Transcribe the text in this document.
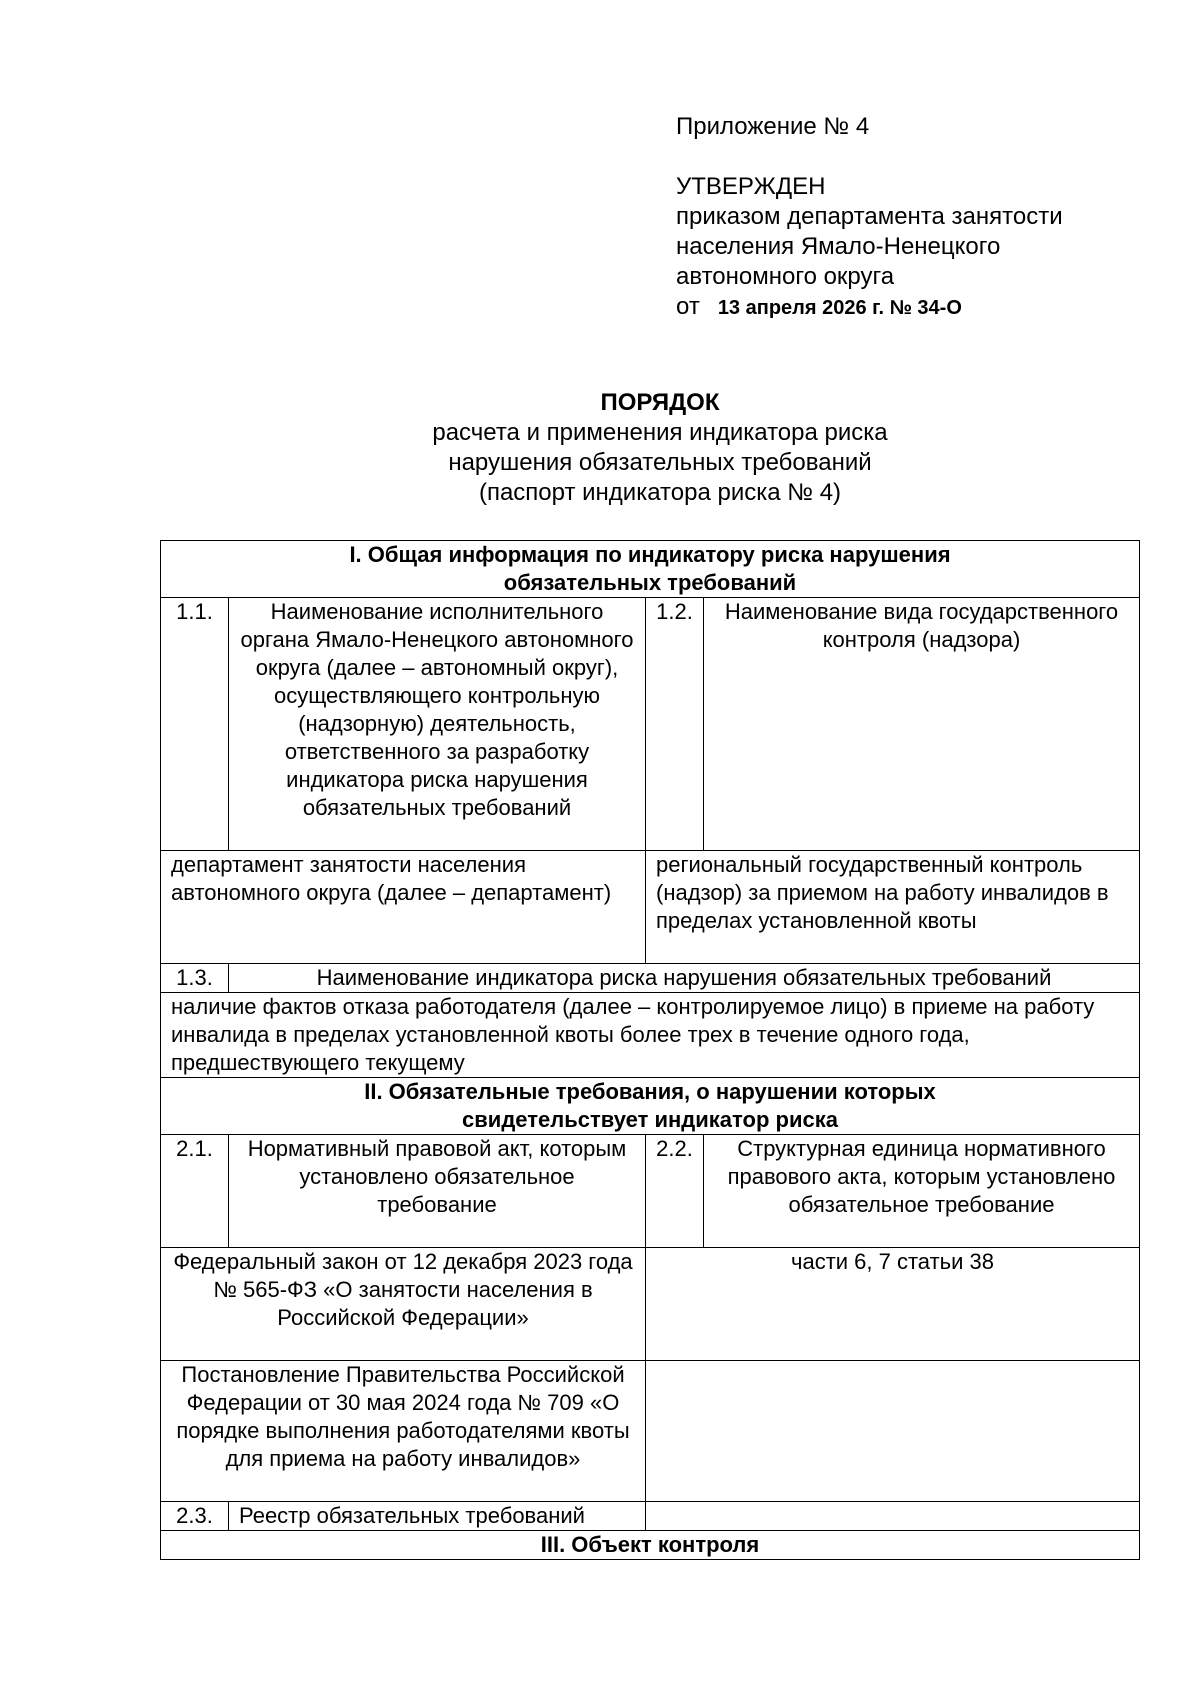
Приложение № 4
УТВЕРЖДЕН
приказом департамента занятости
населения Ямало-Ненецкого
автономного округа
от 13 апреля 2026 г. № 34-О
ПОРЯДОК
расчета и применения индикатора риска
нарушения обязательных требований
(паспорт индикатора риска № 4)
I. Общая информация по индикатору риска нарушения обязательных требований			

1.1.	Наименование исполнительного органа Ямало-Ненецкого автономного округа (далее – автономный округ), осуществляющего контрольную (надзорную) деятельность, ответственного за разработку индикатора риска нарушения обязательных требований	1.2.	Наименование вида государственного контроля (надзора)
департамент занятости населения автономного округа (далее – департамент)		региональный государственный контроль (надзор) за приемом на работу инвалидов в пределах установленной квоты	
1.3.	Наименование индикатора риска нарушения обязательных требований		
наличие фактов отказа работодателя (далее – контролируемое лицо) в приеме на работу инвалида в пределах установленной квоты более трех в течение одного года, предшествующего текущему			

II. Обязательные требования, о нарушении которых свидетельствует индикатор риска			

2.1.	Нормативный правовой акт, которым установлено обязательное требование	2.2.	Структурная единица нормативного правового акта, которым установлено обязательное требование
Федеральный закон от 12 декабря 2023 года № 565-ФЗ «О занятости населения в Российской Федерации»		части 6, 7 статьи 38	
Постановление Правительства Российской Федерации от 30 мая 2024 года № 709 «О порядке выполнения работодателями квоты для приема на работу инвалидов»			
2.3.	Реестр обязательных требований		

III. Объект контроля			
